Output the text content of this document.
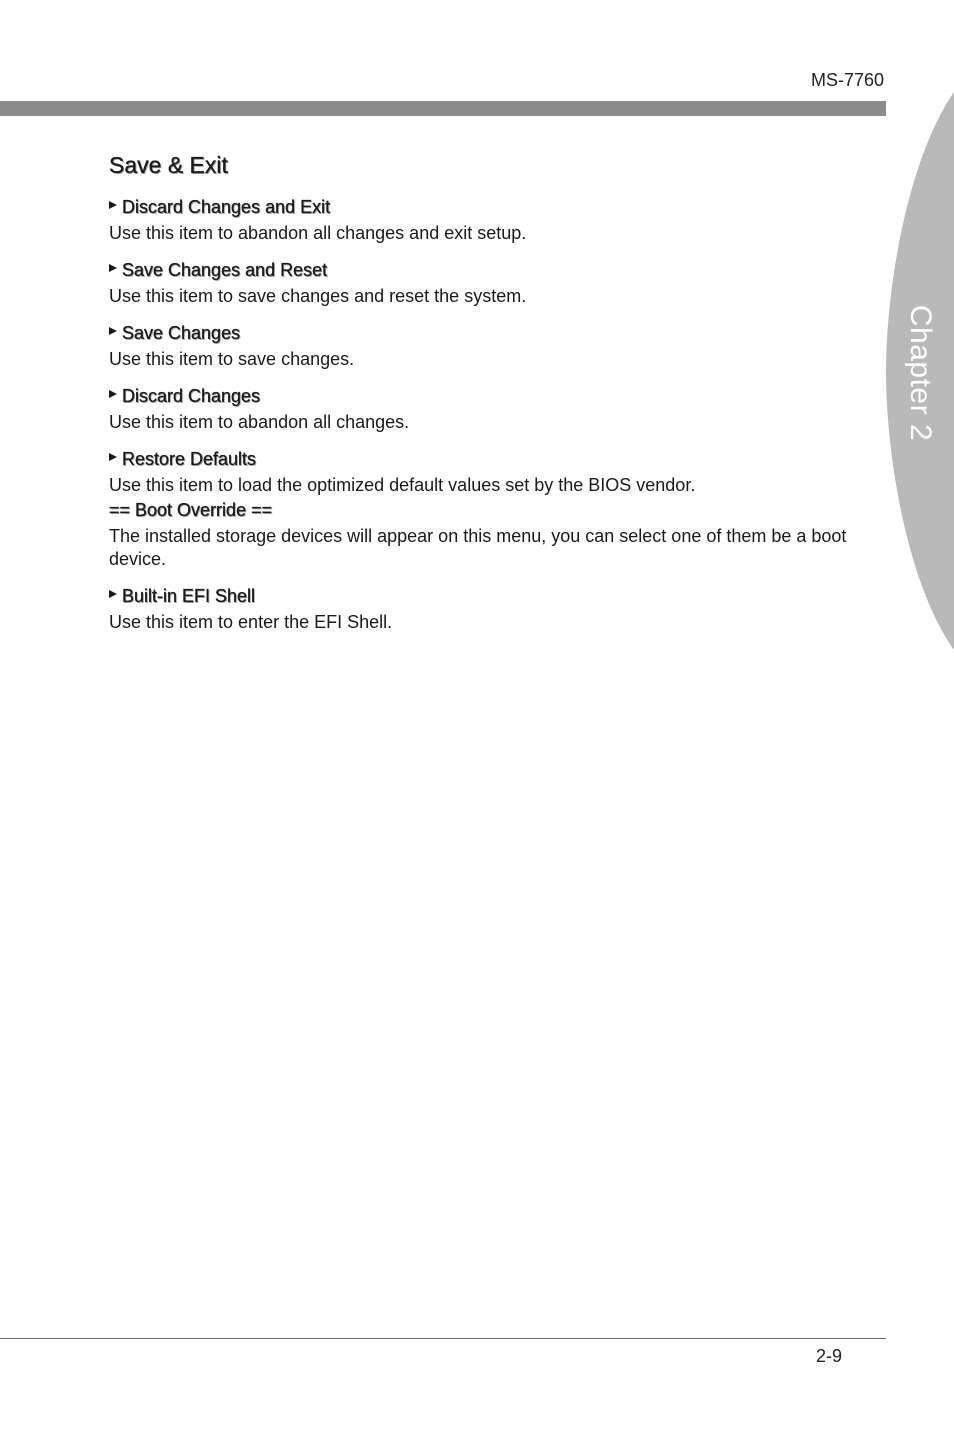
MS-7760
Chapter 2
Save & Exit
Discard Changes and Exit
Use this item to abandon all changes and exit setup.
Save Changes and Reset
Use this item to save changes and reset the system.
Save Changes
Use this item to save changes.
Discard Changes
Use this item to abandon all changes.
Restore Defaults
Use this item to load the optimized default values set by the BIOS vendor.
== Boot Override ==
The installed storage devices will appear on this menu, you can select one of them be a boot device.
Built-in EFI Shell
Use this item to enter the EFI Shell.
2-9
